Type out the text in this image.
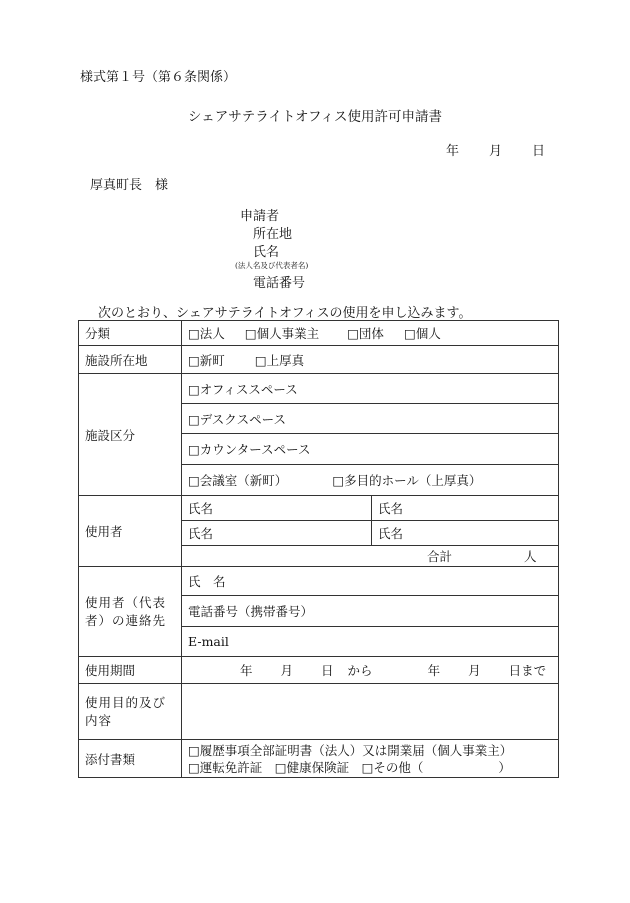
様式第１号（第６条関係）
シェアサテライトオフィス使用許可申請書
年 月 日
厚真町長　様
申請者
所在地
氏名
(法人名及び代表者名)
電話番号
次のとおり、シェアサテライトオフィスの使用を申し込みます。
分類	□法人 □個人事業主 □団体 □個人	
施設所在地	□新町 □上厚真	
施設区分	□オフィススペース	
	□デスクスペース	
	□カウンタースペース	
	□会議室（新町） □多目的ホール（上厚真）	
使用者	氏名	氏名
	氏名	氏名
	合計 人	
使用者（代表者）の連絡先	氏　名	
	電話番号（携帯番号）	
	E-mail	
使用期間	年 月 日 から 年 月 日まで	
使用目的及び内容		
添付書類	□履歴事項全部証明書（法人）又は開業届（個人事業主）
□運転免許証　□健康保険証　□その他（　　　　　　）	
